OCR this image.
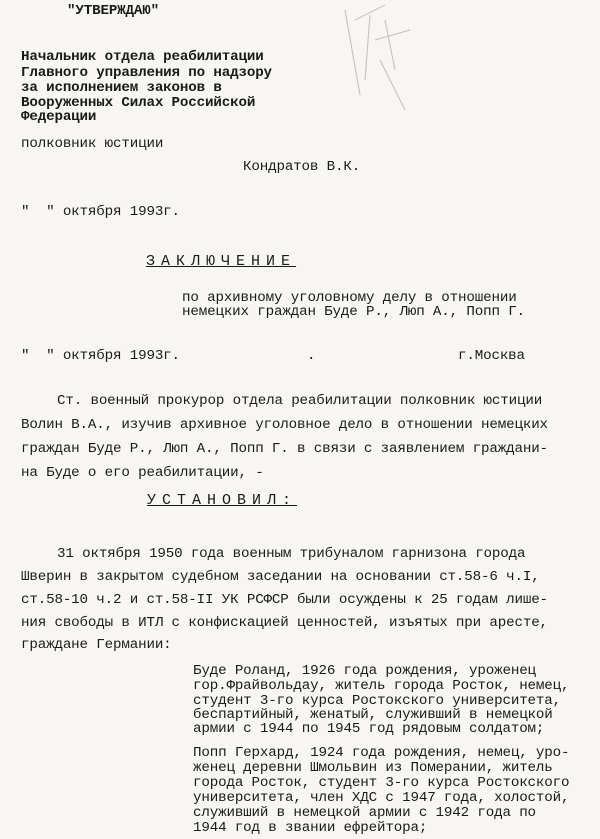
"УТВЕРЖДАЮ"
Начальник отдела реабилитации
Главного управления по надзору
за исполнением законов в
Вооруженных Силах Российской
Федерации
полковник юстиции
Кондратов В.К.
"  " октября 1993г.
ЗАКЛЮЧЕНИЕ
по архивному уголовному делу в отношении
немецких граждан Буде Р., Люп А., Попп Г.
"  " октября 1993г.	.	г.Москва
Ст. военный прокурор отдела реабилитации полковник юстиции
Волин В.А., изучив архивное уголовное дело в отношении немецких
граждан Буде Р., Люп А., Попп Г. в связи с заявлением граждани-
на Буде о его реабилитации, -
УСТАНОВИЛ:
31 октября 1950 года военным трибуналом гарнизона города
Шверин в закрытом судебном заседании на основании ст.58-6 ч.I,
ст.58-10 ч.2 и ст.58-II УК РСФСР были осуждены к 25 годам лише-
ния свободы в ИТЛ с конфискацией ценностей, изъятых при аресте,
граждане Германии:
Буде Роланд, 1926 года рождения, уроженец
гор.Фрайвольдау, житель города Росток, немец,
студент 3-го курса Ростокского университета,
беспартийный, женатый, служивший в немецкой
армии с 1944 по 1945 год рядовым солдатом;
Попп Герхард, 1924 года рождения, немец, уро-
женец деревни Шмольвин из Померании, житель
города Росток, студент 3-го курса Ростокского
университета, член ХДС с 1947 года, холостой,
служивший в немецкой армии с 1942 года по
1944 год в звании ефрейтора;
